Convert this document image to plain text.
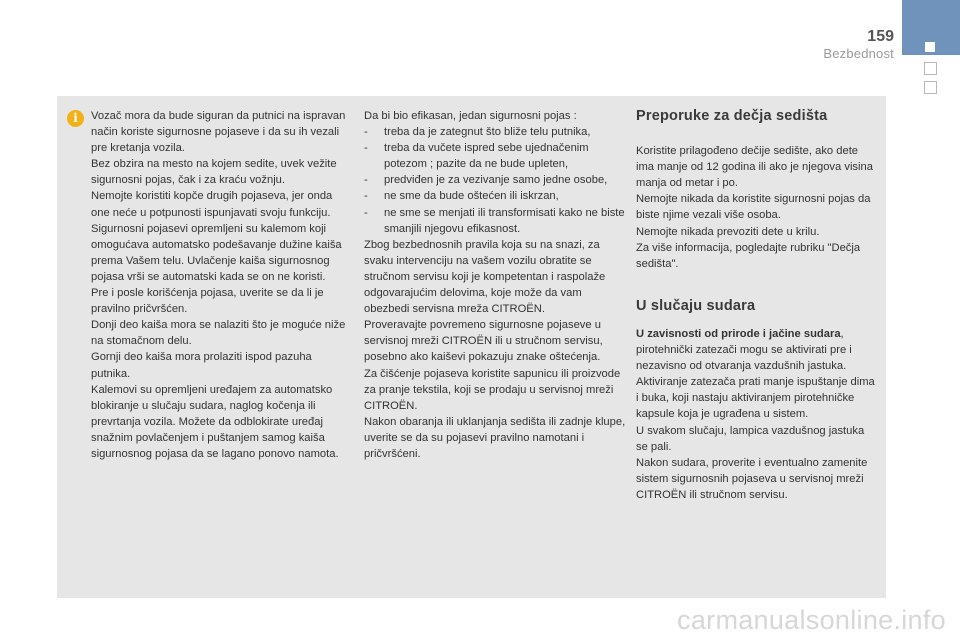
159
Bezbednost
i	Vozač mora da bude siguran da putnici na ispravan način koriste sigurnosne pojaseve i da su ih vezali pre kretanja vozila.

Bez obzira na mesto na kojem sedite, uvek vežite sigurnosni pojas, čak i za kraću vožnju.

Nemojte koristiti kopče drugih pojaseva, jer onda one neće u potpunosti ispunjavati svoju funkciju.

Sigurnosni pojasevi opremljeni su kalemom koji omogućava automatsko podešavanje dužine kaiša prema Vašem telu. Uvlačenje kaiša sigurnosnog pojasa vrši se automatski kada se on ne koristi.

Pre i posle korišćenja pojasa, uverite se da li je pravilno pričvršćen.

Donji deo kaiša mora se nalaziti što je moguće niže na stomačnom delu.

Gornji deo kaiša mora prolaziti ispod pazuha putnika.

Kalemovi su opremljeni uređajem za automatsko blokiranje u slučaju sudara, naglog kočenja ili prevrtanja vozila. Možete da odblokirate uređaj snažnim povlačenjem i puštanjem samog kaiša sigurnosnog pojasa da se lagano ponovo namota.

Da bi bio efikasan, jedan sigurnosni pojas :

- treba da je zategnut što bliže telu putnika,
- treba da vučete ispred sebe ujednačenim potezom ; pazite da ne bude upleten,
- predviđen je za vezivanje samo jedne osobe,
- ne sme da bude oštećen ili iskrzan,
- ne sme se menjati ili transformisati kako ne biste smanjili njegovu efikasnost.

Zbog bezbednosnih pravila koja su na snazi, za svaku intervenciju na vašem vozilu obratite se stručnom servisu koji je kompetentan i raspolaže odgovarajućim delovima, koje može da vam obezbedi servisna mreža CITROËN.

Proveravajte povremeno sigurnosne pojaseve u servisnoj mreži CITROËN ili u stručnom servisu, posebno ako kaiševi pokazuju znake oštećenja.

Za čišćenje pojaseva koristite sapunicu ili proizvode za pranje tekstila, koji se prodaju u servisnoj mreži CITROËN.

Nakon obaranja ili uklanjanja sedišta ili zadnje klupe, uverite se da su pojasevi pravilno namotani i pričvršćeni.

Preporuke za dečja sedišta

Koristite prilagođeno dečije sedište, ako dete ima manje od 12 godina ili ako je njegova visina manja od metar i po.
Nemojte nikada da koristite sigurnosni pojas da biste njime vezali više osoba.
Nemojte nikada prevoziti dete u krilu.
Za više informacija, pogledajte rubriku "Dečja sedišta".

U slučaju sudara

U zavisnosti od prirode i jačine sudara, pirotehnički zatezači mogu se aktivirati pre i nezavisno od otvaranja vazdušnih jastuka. Aktiviranje zatezača prati manje ispuštanje dima i buka, koji nastaju aktiviranjem pirotehničke kapsule koja je ugrađena u sistem.

U svakom slučaju, lampica vazdušnog jastuka se pali.
Nakon sudara, proverite i eventualno zamenite sistem sigurnosnih pojaseva u servisnoj mreži CITROËN ili stručnom servisu.

carmanualsonline.info
